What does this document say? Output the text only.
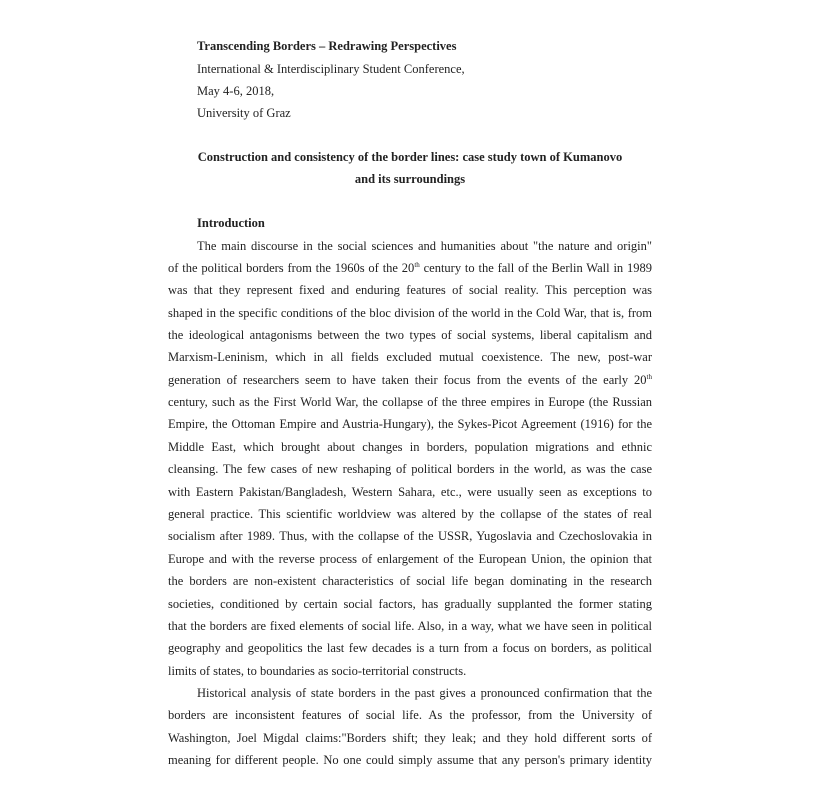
Transcending Borders – Redrawing Perspectives
International & Interdisciplinary Student Conference,
May 4-6, 2018,
University of Graz
Construction and consistency of the border lines: case study town of Kumanovo
and its surroundings
Introduction
The main discourse in the social sciences and humanities about "the nature and origin"
of the political borders from the 1960s of the 20th century to the fall of the Berlin Wall in 1989
was that they represent fixed and enduring features of social reality. This perception was
shaped in the specific conditions of the bloc division of the world in the Cold War, that is, from
the ideological antagonisms between the two types of social systems, liberal capitalism and
Marxism-Leninism, which in all fields excluded mutual coexistence. The new, post-war
generation of researchers seem to have taken their focus from the events of the early 20th
century, such as the First World War, the collapse of the three empires in Europe (the Russian
Empire, the Ottoman Empire and Austria-Hungary), the Sykes-Picot Agreement (1916) for the
Middle East, which brought about changes in borders, population migrations and ethnic
cleansing. The few cases of new reshaping of political borders in the world, as was the case
with Eastern Pakistan/Bangladesh, Western Sahara, etc., were usually seen as exceptions to
general practice. This scientific worldview was altered by the collapse of the states of real
socialism after 1989. Thus, with the collapse of the USSR, Yugoslavia and Czechoslovakia in
Europe and with the reverse process of enlargement of the European Union, the opinion that
the borders are non-existent characteristics of social life began dominating in the research
societies, conditioned by certain social factors, has gradually supplanted the former stating
that the borders are fixed elements of social life. Also, in a way, what we have seen in political
geography and geopolitics the last few decades is a turn from a focus on borders, as political
limits of states, to boundaries as socio-territorial constructs.
Historical analysis of state borders in the past gives a pronounced confirmation that the
borders are inconsistent features of social life. As the professor, from the University of
Washington, Joel Migdal claims:"Borders shift; they leak; and they hold different sorts of
meaning for different people. No one could simply assume that any person's primary identity
